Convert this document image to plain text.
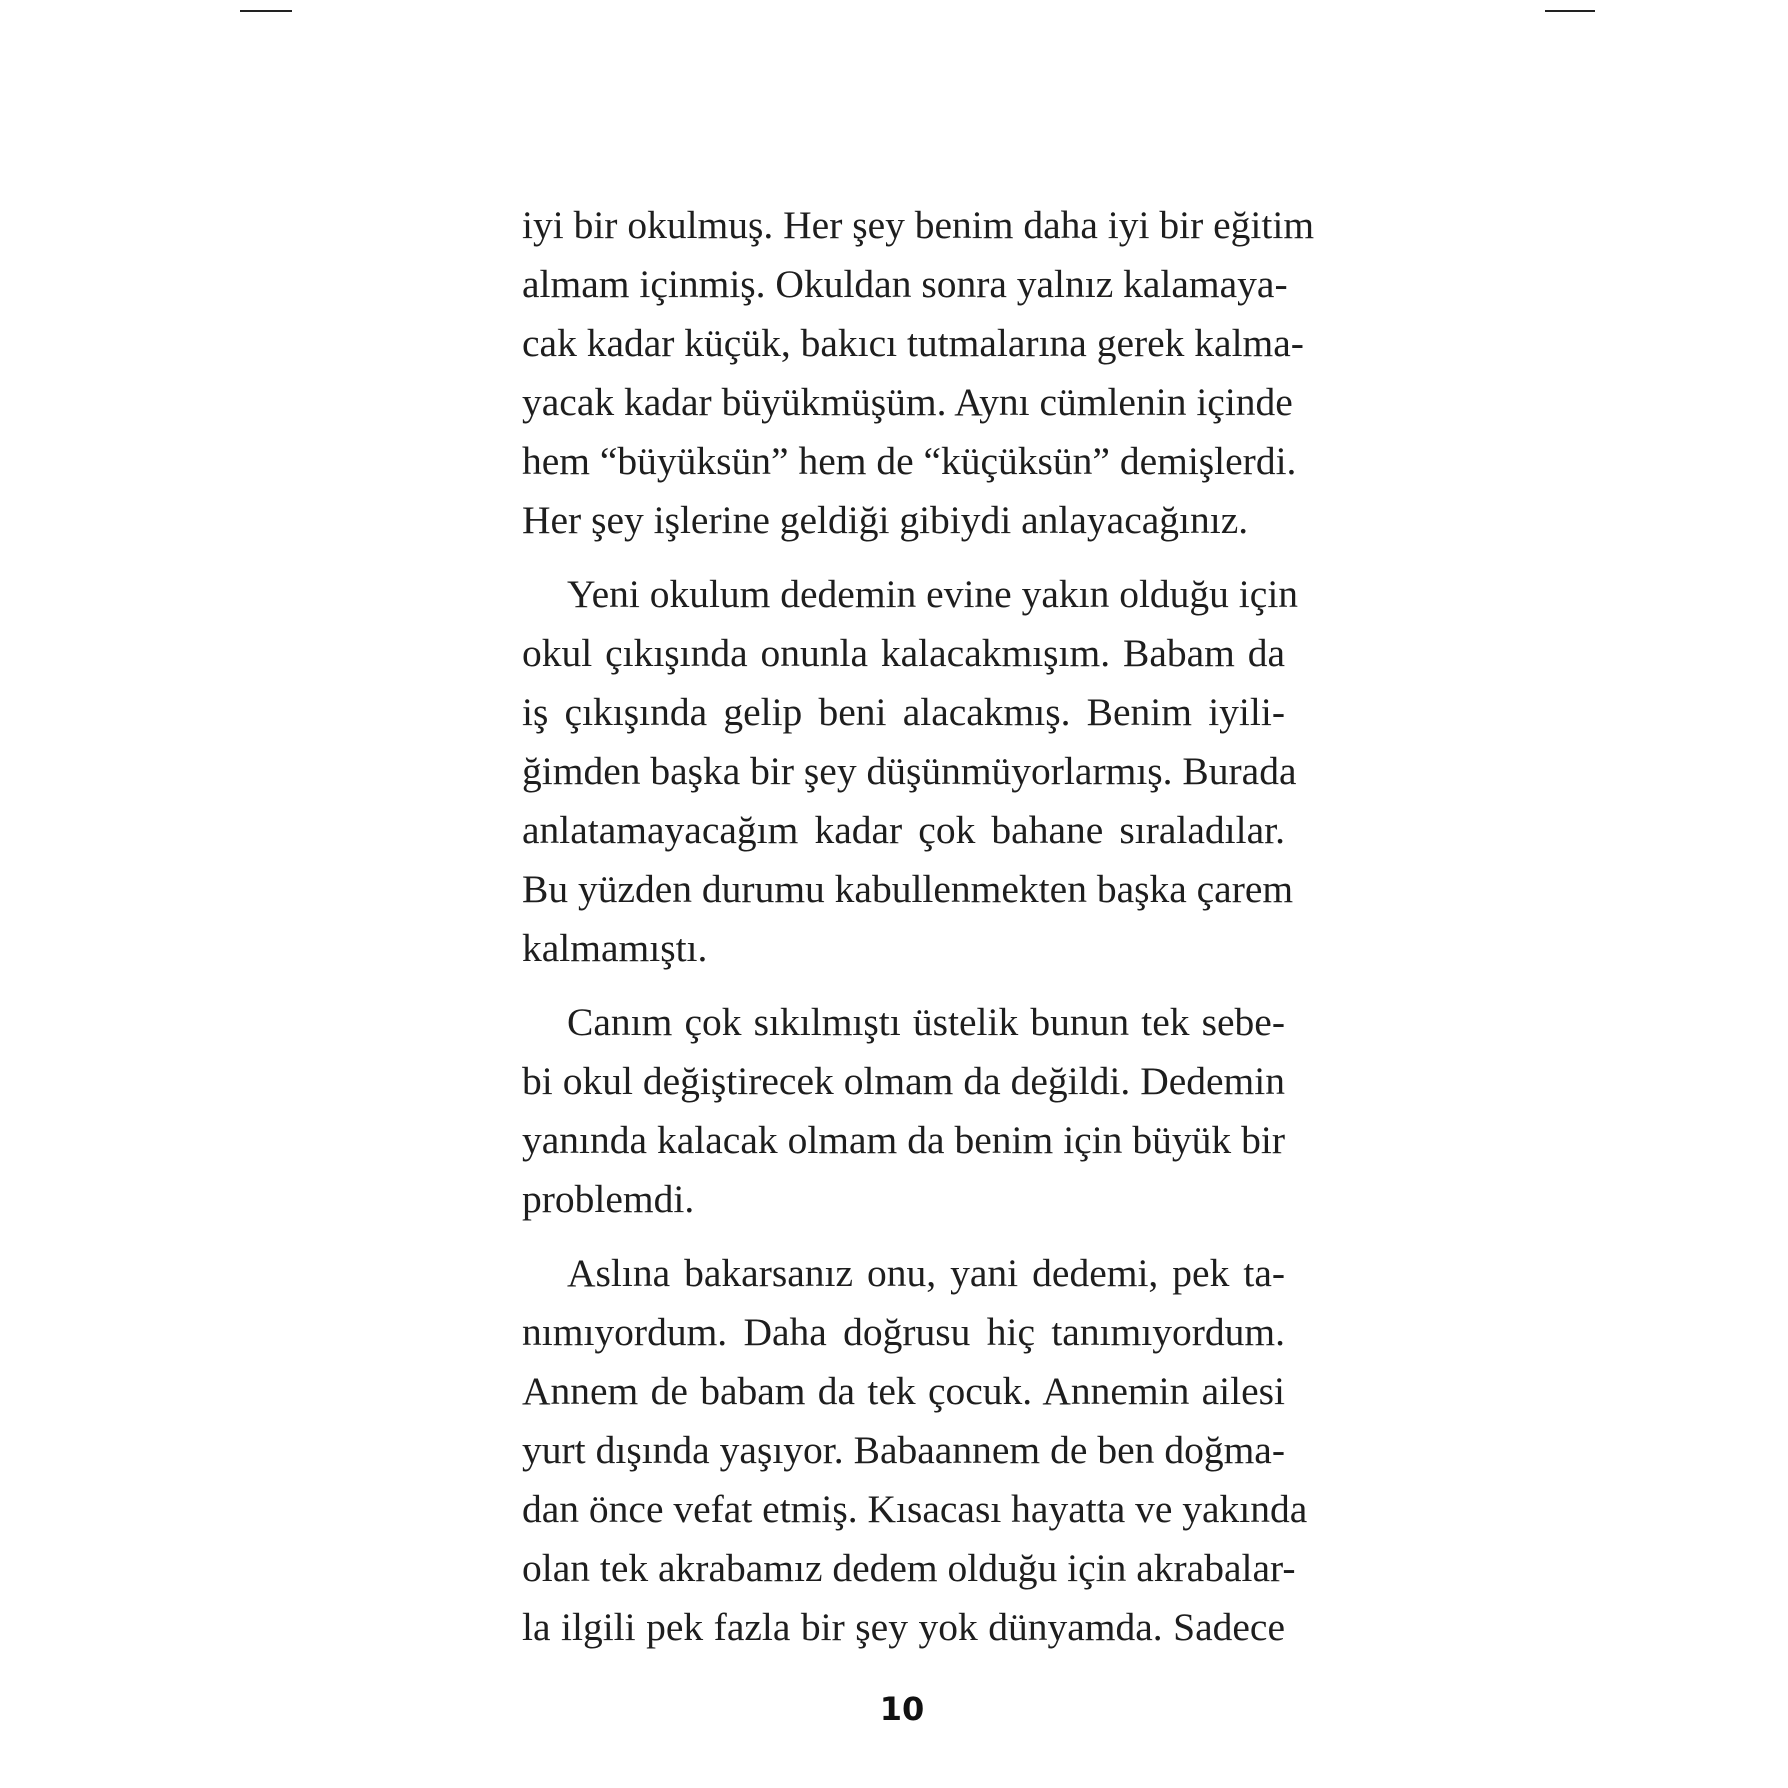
iyi bir okulmuş. Her şey benim daha iyi bir eğitim
almam içinmiş. Okuldan sonra yalnız kalamaya-
cak kadar küçük, bakıcı tutmalarına gerek kalma-
yacak kadar büyükmüşüm. Aynı cümlenin içinde
hem “büyüksün” hem de “küçüksün” demişlerdi.
Her şey işlerine geldiği gibiydi anlayacağınız.
Yeni okulum dedemin evine yakın olduğu için
okul çıkışında onunla kalacakmışım. Babam da
iş çıkışında gelip beni alacakmış. Benim iyili-
ğimden başka bir şey düşünmüyorlarmış. Burada
anlatamayacağım kadar çok bahane sıraladılar.
Bu yüzden durumu kabullenmekten başka çarem
kalmamıştı.
Canım çok sıkılmıştı üstelik bunun tek sebe-
bi okul değiştirecek olmam da değildi. Dedemin
yanında kalacak olmam da benim için büyük bir
problemdi.
Aslına bakarsanız onu, yani dedemi, pek ta-
nımıyordum. Daha doğrusu hiç tanımıyordum.
Annem de babam da tek çocuk. Annemin ailesi
yurt dışında yaşıyor. Babaannem de ben doğma-
dan önce vefat etmiş. Kısacası hayatta ve yakında
olan tek akrabamız dedem olduğu için akrabalar-
la ilgili pek fazla bir şey yok dünyamda. Sadece
10
